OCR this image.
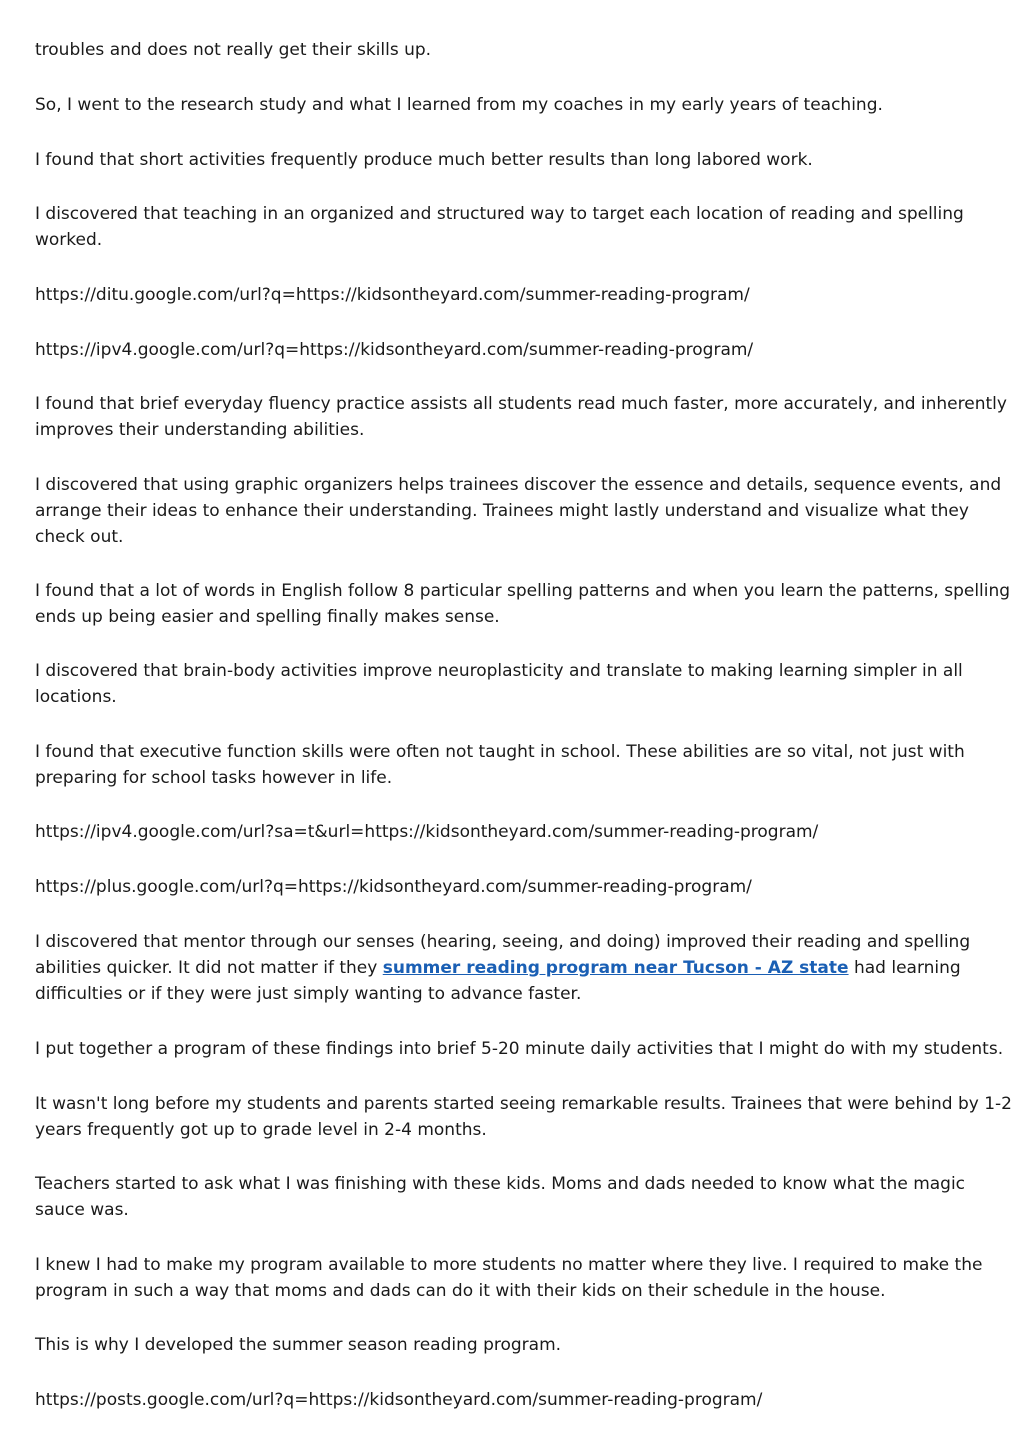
troubles and does not really get their skills up.

So, I went to the research study and what I learned from my coaches in my early years of teaching.

I found that short activities frequently produce much better results than long labored work.

I discovered that teaching in an organized and structured way to target each location of reading and spelling
worked.

https://ditu.google.com/url?q=https://kidsontheyard.com/summer-reading-program/

https://ipv4.google.com/url?q=https://kidsontheyard.com/summer-reading-program/

I found that brief everyday fluency practice assists all students read much faster, more accurately, and inherently
improves their understanding abilities.

I discovered that using graphic organizers helps trainees discover the essence and details, sequence events, and
arrange their ideas to enhance their understanding. Trainees might lastly understand and visualize what they
check out.

I found that a lot of words in English follow 8 particular spelling patterns and when you learn the patterns, spelling
ends up being easier and spelling finally makes sense.

I discovered that brain-body activities improve neuroplasticity and translate to making learning simpler in all
locations.

I found that executive function skills were often not taught in school. These abilities are so vital, not just with
preparing for school tasks however in life.

https://ipv4.google.com/url?sa=t&url=https://kidsontheyard.com/summer-reading-program/

https://plus.google.com/url?q=https://kidsontheyard.com/summer-reading-program/

I discovered that mentor through our senses (hearing, seeing, and doing) improved their reading and spelling
abilities quicker. It did not matter if they summer reading program near Tucson - AZ state had learning
difficulties or if they were just simply wanting to advance faster.

I put together a program of these findings into brief 5-20 minute daily activities that I might do with my students.

It wasn't long before my students and parents started seeing remarkable results. Trainees that were behind by 1-2
years frequently got up to grade level in 2-4 months.

Teachers started to ask what I was finishing with these kids. Moms and dads needed to know what the magic
sauce was.

I knew I had to make my program available to more students no matter where they live. I required to make the
program in such a way that moms and dads can do it with their kids on their schedule in the house.

This is why I developed the summer season reading program.

https://posts.google.com/url?q=https://kidsontheyard.com/summer-reading-program/
